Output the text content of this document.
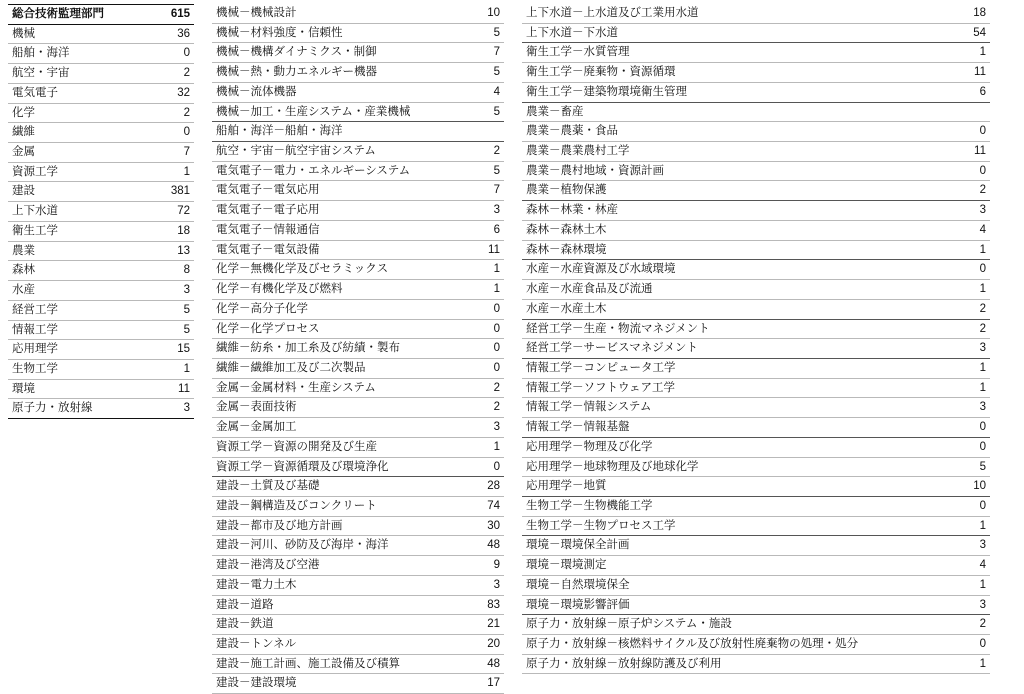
総合技術監理部門	615
機械	36
船舶・海洋	0
航空・宇宙	2
電気電子	32
化学	2
繊維	0
金属	7
資源工学	1
建設	381
上下水道	72
衛生工学	18
農業	13
森林	8
水産	3
経営工学	5
情報工学	5
応用理学	15
生物工学	1
環境	11
原子力・放射線	3
機械－機械設計	10
機械－材料強度・信頼性	5
機械－機構ダイナミクス・制御	7
機械－熱・動力エネルギー機器	5
機械－流体機器	4
機械－加工・生産システム・産業機械	5
船舶・海洋－船舶・海洋	
航空・宇宙－航空宇宙システム	2
電気電子－電力・エネルギーシステム	5
電気電子－電気応用	7
電気電子－電子応用	3
電気電子－情報通信	6
電気電子－電気設備	11
化学－無機化学及びセラミックス	1
化学－有機化学及び燃料	1
化学－高分子化学	0
化学－化学プロセス	0
繊維－紡糸・加工糸及び紡績・製布	0
繊維－繊維加工及び二次製品	0
金属－金属材料・生産システム	2
金属－表面技術	2
金属－金属加工	3
資源工学－資源の開発及び生産	1
資源工学－資源循環及び環境浄化	0
建設－土質及び基礎	28
建設－鋼構造及びコンクリート	74
建設－都市及び地方計画	30
建設－河川、砂防及び海岸・海洋	48
建設－港湾及び空港	9
建設－電力土木	3
建設－道路	83
建設－鉄道	21
建設－トンネル	20
建設－施工計画、施工設備及び積算	48
建設－建設環境	17
上下水道－上水道及び工業用水道	18
上下水道－下水道	54
衛生工学－水質管理	1
衛生工学－廃棄物・資源循環	11
衛生工学－建築物環境衛生管理	6
農業－畜産	
農業－農薬・食品	0
農業－農業農村工学	11
農業－農村地域・資源計画	0
農業－植物保護	2
森林－林業・林産	3
森林－森林土木	4
森林－森林環境	1
水産－水産資源及び水域環境	0
水産－水産食品及び流通	1
水産－水産土木	2
経営工学－生産・物流マネジメント	2
経営工学－サービスマネジメント	3
情報工学－コンピュータ工学	1
情報工学－ソフトウェア工学	1
情報工学－情報システム	3
情報工学－情報基盤	0
応用理学－物理及び化学	0
応用理学－地球物理及び地球化学	5
応用理学－地質	10
生物工学－生物機能工学	0
生物工学－生物プロセス工学	1
環境－環境保全計画	3
環境－環境測定	4
環境－自然環境保全	1
環境－環境影響評価	3
原子力・放射線－原子炉システム・施設	2
原子力・放射線－核燃料サイクル及び放射性廃棄物の処理・処分	0
原子力・放射線－放射線防護及び利用	1
